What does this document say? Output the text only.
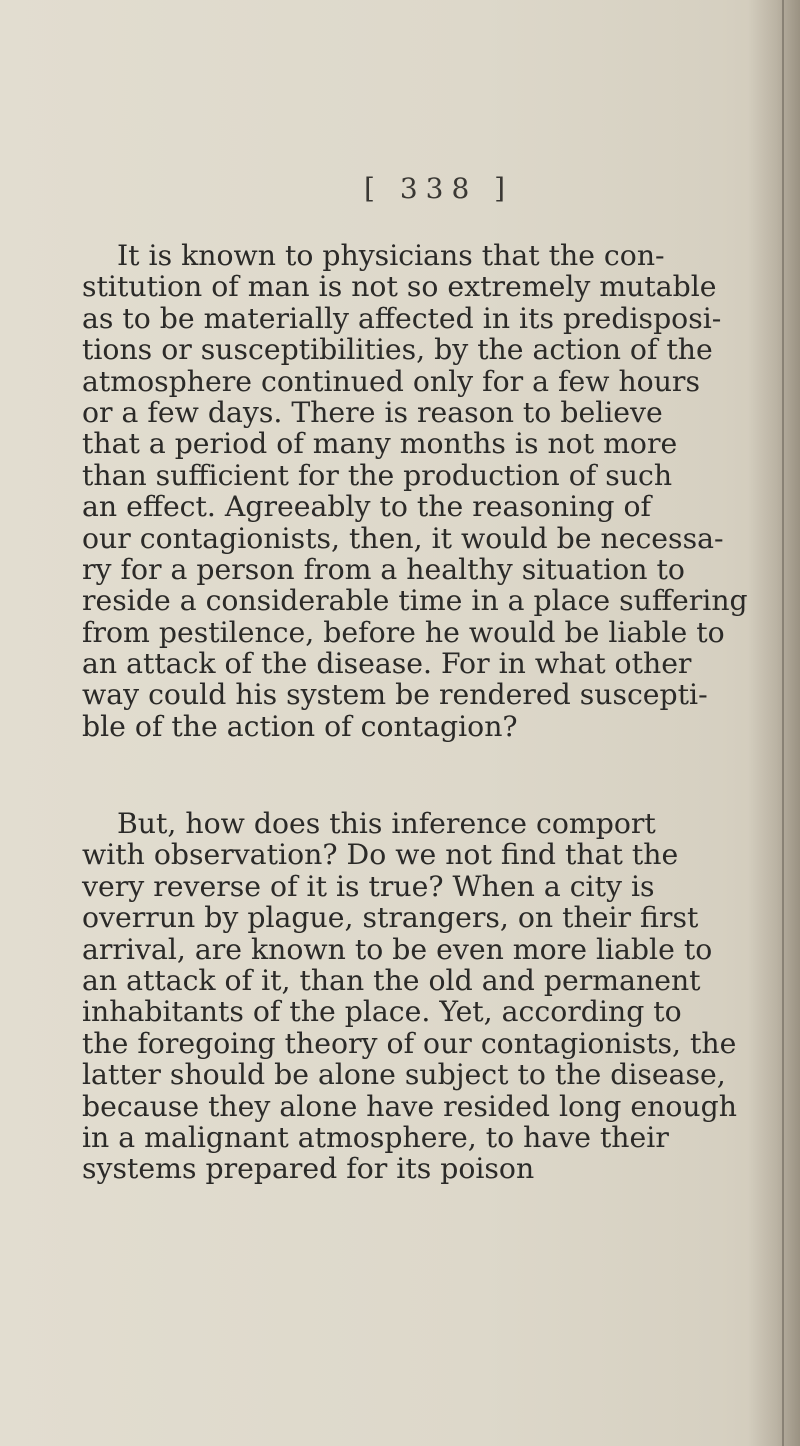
[ 338 ]
It is known to physicians that the con-
stitution of man is not so extremely mutable
as to be materially affected in its predisposi-
tions or susceptibilities, by the action of the
atmosphere continued only for a few hours
or a few days. There is reason to believe
that a period of many months is not more
than sufficient for the production of such
an effect. Agreeably to the reasoning of
our contagionists, then, it would be necessa-
ry for a person from a healthy situation to
reside a considerable time in a place suffering
from pestilence, before he would be liable to
an attack of the disease. For in what other
way could his system be rendered suscepti-
ble of the action of contagion?
But, how does this inference comport
with observation? Do we not find that the
very reverse of it is true? When a city is
overrun by plague, strangers, on their first
arrival, are known to be even more liable to
an attack of it, than the old and permanent
inhabitants of the place. Yet, according to
the foregoing theory of our contagionists, the
latter should be alone subject to the disease,
because they alone have resided long enough
in a malignant atmosphere, to have their
systems prepared for its poison
